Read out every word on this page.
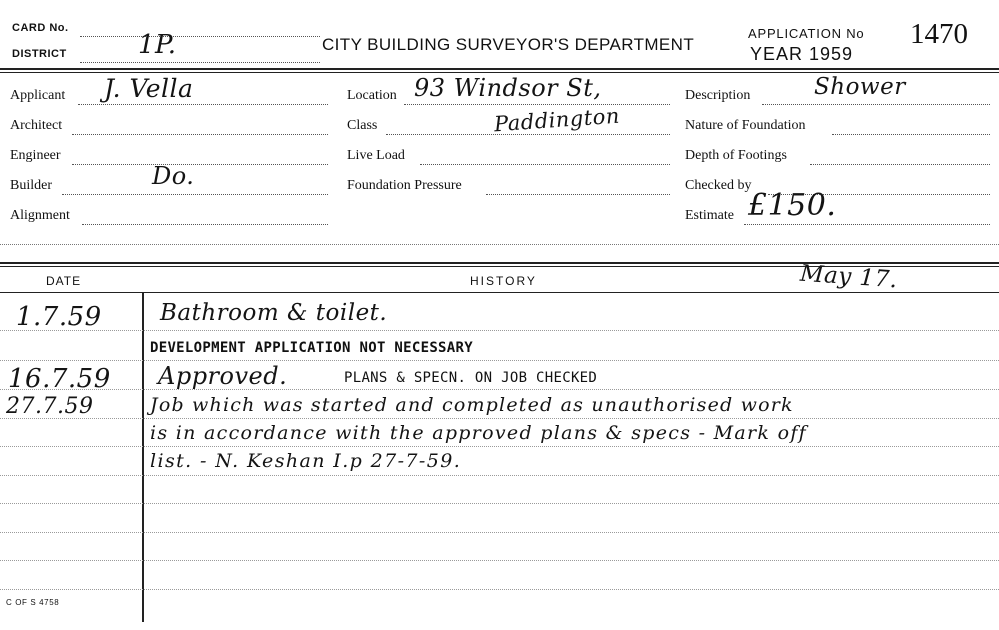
CARD No.
DISTRICT	1P.	CITY BUILDING SURVEYOR'S DEPARTMENT
APPLICATION No 1470
YEAR 1959
Applicant J. Vella
Architect
Engineer
Builder	Do.
Alignment
Location 93 Windsor St,
Class	Paddington
Live Load
Foundation Pressure
Description	Shower
Nature of Foundation
Depth of Footings
Checked by
Estimate £150.
DATE	HISTORY	May 17.
1.7.59	Bathroom & toilet.
DEVELOPMENT APPLICATION NOT NECESSARY
16.7.59 Approved.	PLANS & SPECN. ON JOB CHECKED
27.7.59	Job which was started and completed as unauthorised work
is in accordance with the approved plans & specs - Mark off
list. - N. Keshan I.p 27-7-59.
C OF S 4758
